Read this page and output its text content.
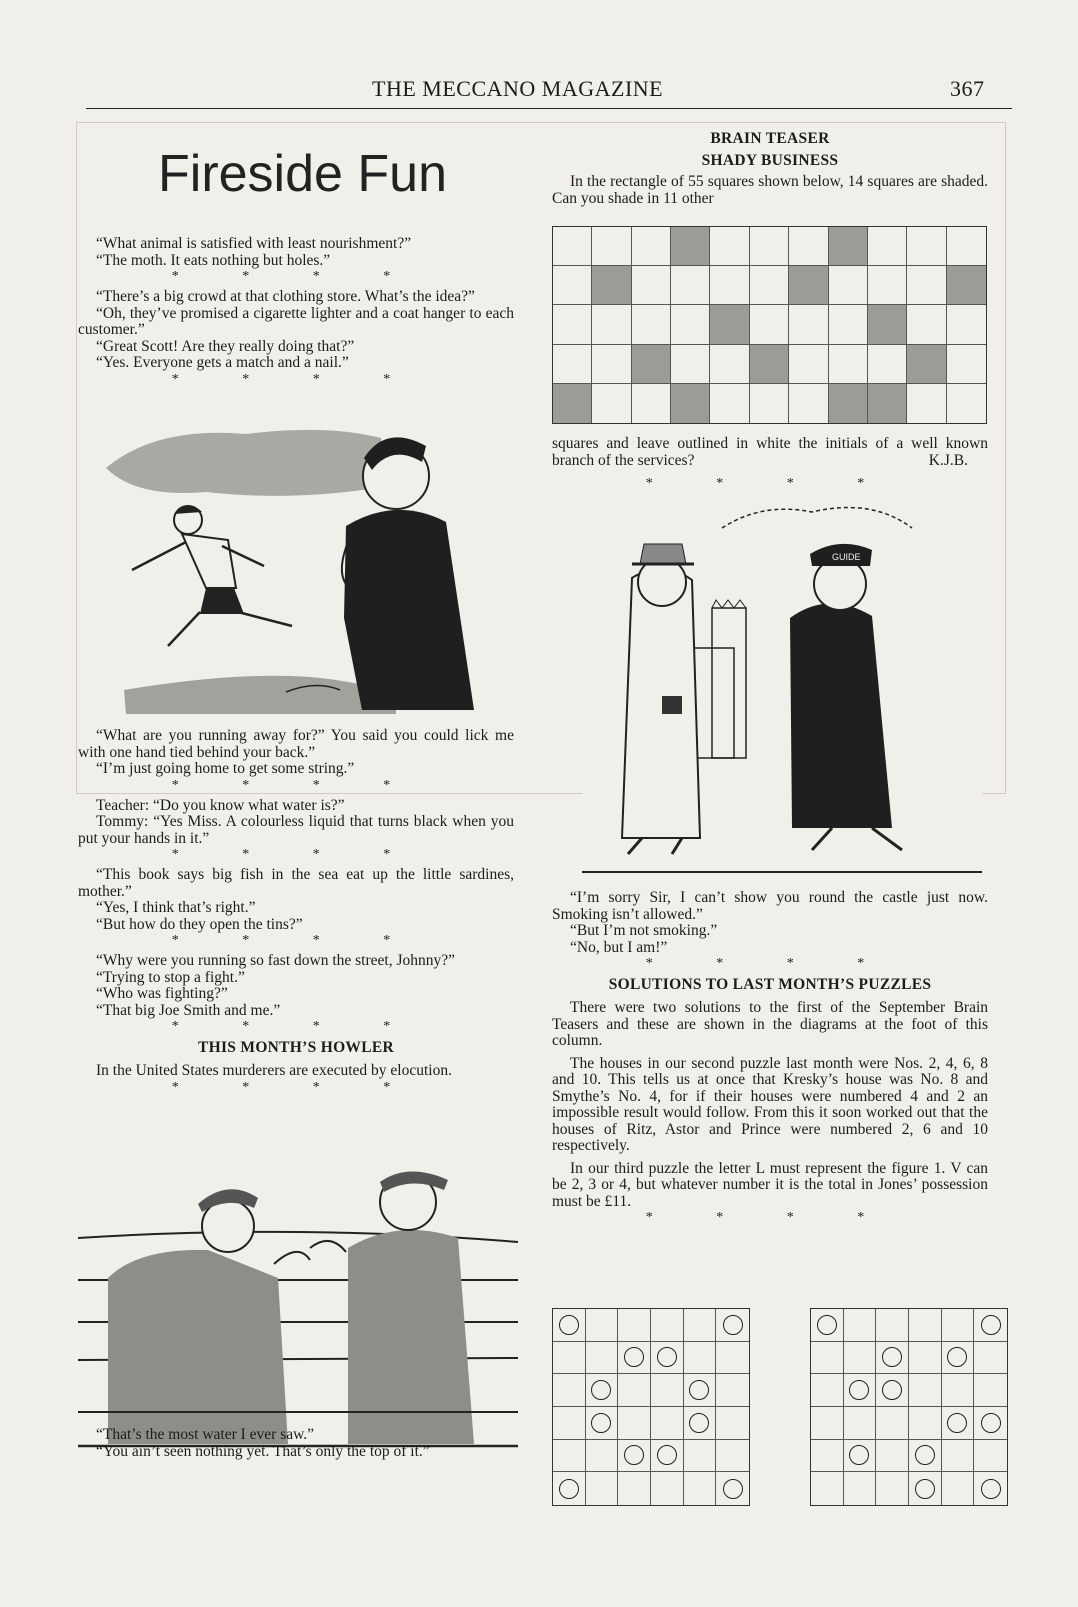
THE MECCANO MAGAZINE	367
Fireside Fun

“What animal is satisfied with least nourishment?”

“The moth. It eats nothing but holes.”

* * * *

“There’s a big crowd at that clothing store. What’s the idea?”

“Oh, they’ve promised a cigarette lighter and a coat hanger to each customer.”

“Great Scott! Are they really doing that?”

“Yes. Everyone gets a match and a nail.”

* * * *

“What are you running away for?” You said you could lick me with one hand tied behind your back.”

“I’m just going home to get some string.”

* * * *

Teacher: “Do you know what water is?”

Tommy: “Yes Miss. A colourless liquid that turns black when you put your hands in it.”

* * * *

“This book says big fish in the sea eat up the little sardines, mother.”

“Yes, I think that’s right.”

“But how do they open the tins?”

* * * *

“Why were you running so fast down the street, Johnny?”

“Trying to stop a fight.”

“Who was fighting?”

“That big Joe Smith and me.”

* * * *
THIS MONTH’S HOWLER

In the United States murderers are executed by elocution.

* * * *

“That’s the most water I ever saw.”

“You ain’t seen nothing yet. That’s only the top of it.”

BRAIN TEASER
SHADY BUSINESS

In the rectangle of 55 squares shown below, 14 squares are shaded. Can you shade in 11 other

squares and leave outlined in white the initials of a well known branch of the services?	K.J.B.
* * * *
GUIDE

“I’m sorry Sir, I can’t show you round the castle just now. Smoking isn’t allowed.”

“But I’m not smoking.”

“No, but I am!”

* * * *
SOLUTIONS TO LAST MONTH’S PUZZLES

There were two solutions to the first of the September Brain Teasers and these are shown in the diagrams at the foot of this column.

The houses in our second puzzle last month were Nos. 2, 4, 6, 8 and 10. This tells us at once that Kresky’s house was No. 8 and Smythe’s No. 4, for if their houses were numbered 4 and 2 an impossible result would follow. From this it soon worked out that the houses of Ritz, Astor and Prince were numbered 2, 6 and 10 respectively.

In our third puzzle the letter L must represent the figure 1. V can be 2, 3 or 4, but whatever number it is the total in Jones’ possession must be £11.

* * * *
